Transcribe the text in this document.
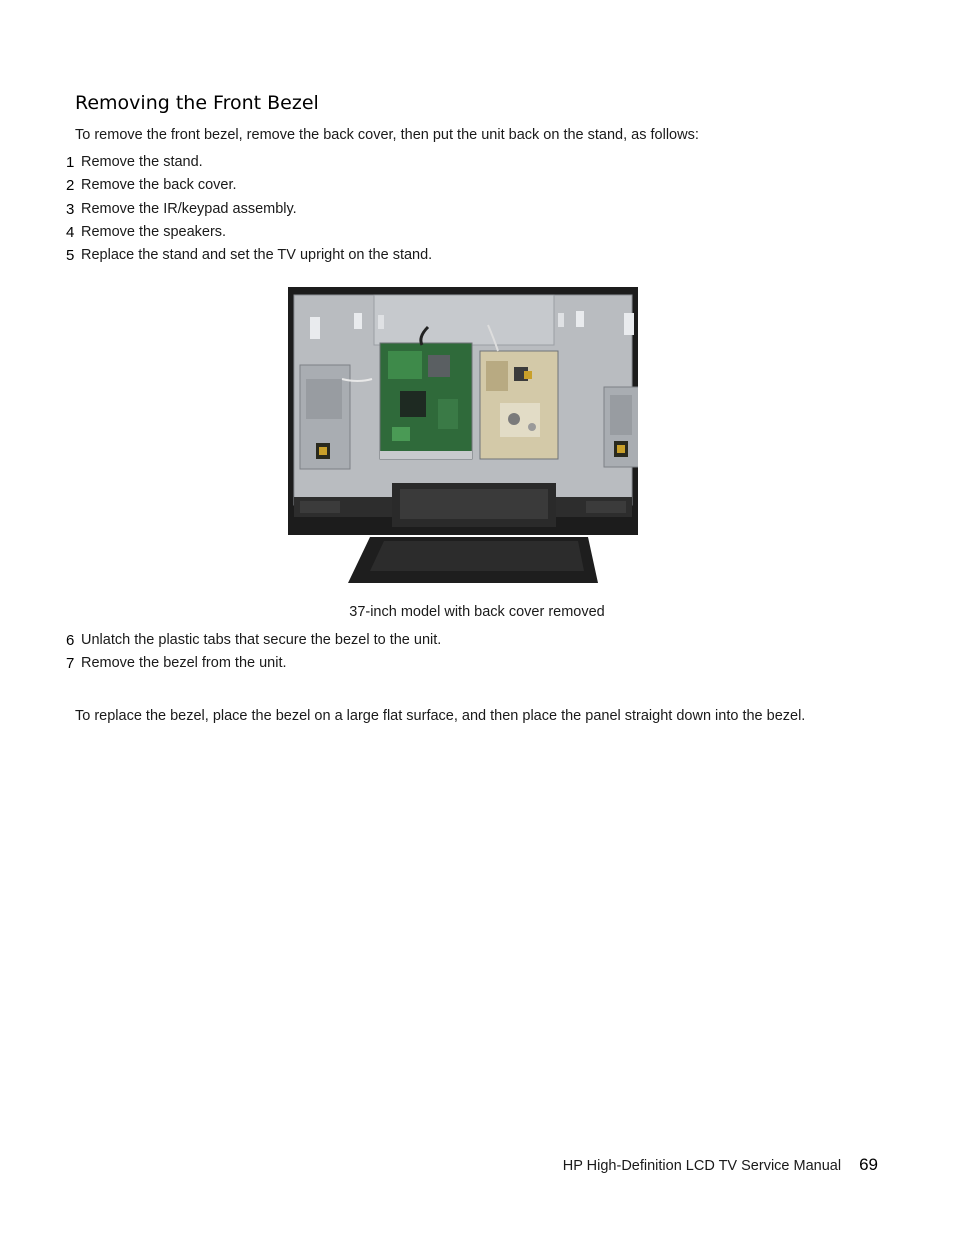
Removing the Front Bezel

To remove the front bezel, remove the back cover, then put the unit back on the stand, as follows:

1 Remove the stand.
2 Remove the back cover.
3 Remove the IR/keypad assembly.
4 Remove the speakers.
5 Replace the stand and set the TV upright on the stand.
37-inch model with back cover removed
6 Unlatch the plastic tabs that secure the bezel to the unit.
7 Remove the bezel from the unit.

To replace the bezel, place the bezel on a large flat surface, and then place the panel straight down into the bezel.

HP High-Definition LCD TV Service Manual 69
